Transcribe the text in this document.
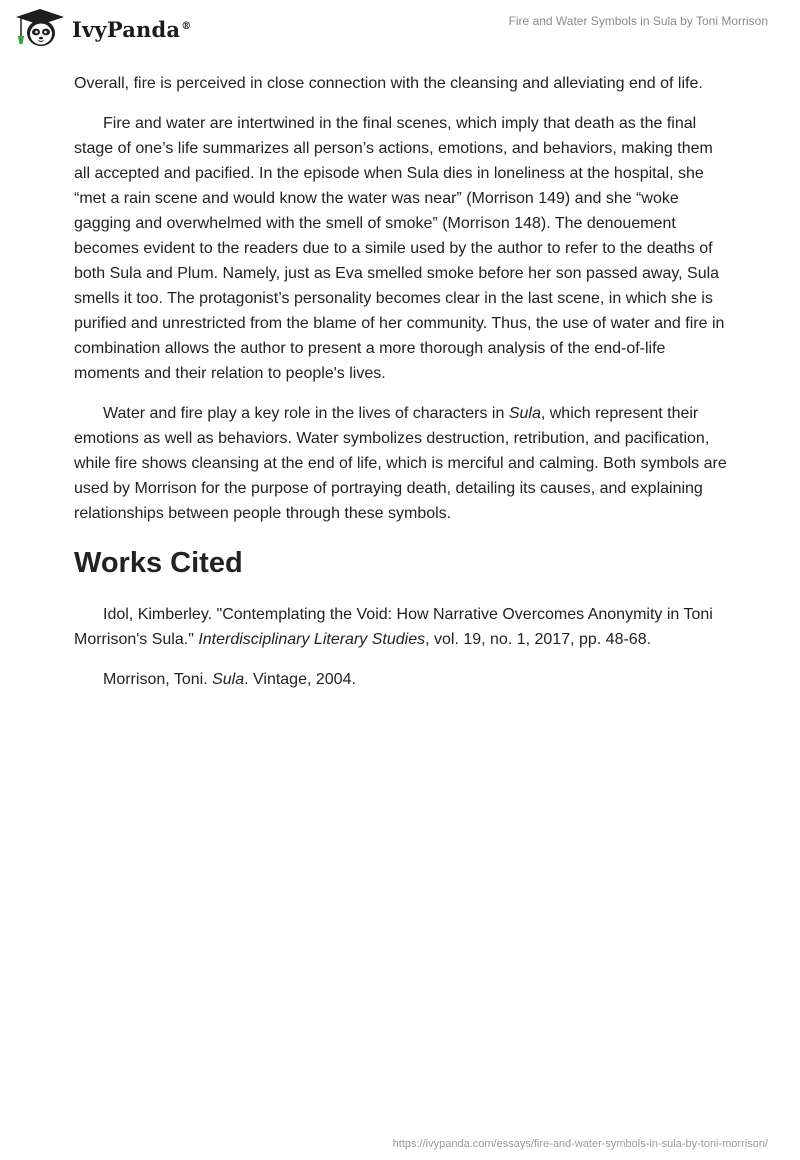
IvyPanda®	Fire and Water Symbols in Sula by Toni Morrison

Overall, fire is perceived in close connection with the cleansing and alleviating end of life.

Fire and water are intertwined in the final scenes, which imply that death as the final stage of one’s life summarizes all person’s actions, emotions, and behaviors, making them all accepted and pacified. In the episode when Sula dies in loneliness at the hospital, she “met a rain scene and would know the water was near” (Morrison 149) and she “woke gagging and overwhelmed with the smell of smoke” (Morrison 148). The denouement becomes evident to the readers due to a simile used by the author to refer to the deaths of both Sula and Plum. Namely, just as Eva smelled smoke before her son passed away, Sula smells it too. The protagonist’s personality becomes clear in the last scene, in which she is purified and unrestricted from the blame of her community. Thus, the use of water and fire in combination allows the author to present a more thorough analysis of the end-of-life moments and their relation to people's lives.

Water and fire play a key role in the lives of characters in Sula, which represent their emotions as well as behaviors. Water symbolizes destruction, retribution, and pacification, while fire shows cleansing at the end of life, which is merciful and calming. Both symbols are used by Morrison for the purpose of portraying death, detailing its causes, and explaining relationships between people through these symbols.

Works Cited

Idol, Kimberley. "Contemplating the Void: How Narrative Overcomes Anonymity in Toni Morrison's Sula." Interdisciplinary Literary Studies, vol. 19, no. 1, 2017, pp. 48-68.

Morrison, Toni. Sula. Vintage, 2004.

https://ivypanda.com/essays/fire-and-water-symbols-in-sula-by-toni-morrison/
